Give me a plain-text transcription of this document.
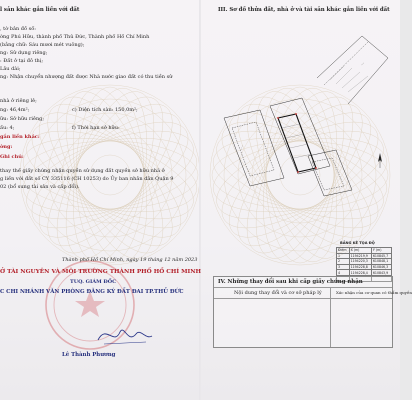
l sản khác gắn liền với đất
, tờ bản đồ số:
ờng Phú Hữu, thành phố Thủ Đức, Thành phố Hồ Chí Minh
(bằng chữ: Sáu mươi mét vuông);
ng: Sử dụng riêng;
: Đất ở tại đô thị;
Lâu dài;
ng: Nhận chuyển nhượng đất được Nhà nước giao đất có thu tiền sử
nhà ở riêng lẻ;
ng: 46,4m²;	c) Diện tích sàn: 150,0m²;
ữu: Sở hữu riêng;
ấu: 4;	f) Thời hạn sở hữu:
gắn liền khác:
ờng:
Ghi chú:
thay thế giấy chứng nhận quyền sử dụng đất quyền sở hữu nhà ở
g liền với đất số CY 335116 (CH 10253) do Ủy ban nhân dân Quận 9
02 (bổ sung tài sản và cấp đổi).
Thành phố Hồ Chí Minh, ngày 19 tháng 12 năm 2023
Ở TÀI NGUYÊN VÀ MÔI TRƯỜNG THÀNH PHỐ HỒ CHÍ MINH
TUQ. GIÁM ĐỐC
C CHI NHÁNH VĂN PHÒNG ĐĂNG KÝ ĐẤT ĐAI TP.THỦ ĐỨC
Lê Thành Phương
III. Sơ đồ thửa đất, nhà ở và tài sản khác gắn liền với đất
·····
····
BẢNG KÊ TỌA ĐỘ
Điểm	X (m)	Y (m)
1	1194219,9	610845,7
2	1194220,3	610848,1
3	1194228,8	610846,3
4	1194228,4	610843,9

IV. Những thay đổi sau khi cấp giấy chứng nhận
Nội dung thay đổi và cơ sở pháp lý	Xác nhận của cơ quan có thẩm quyền
